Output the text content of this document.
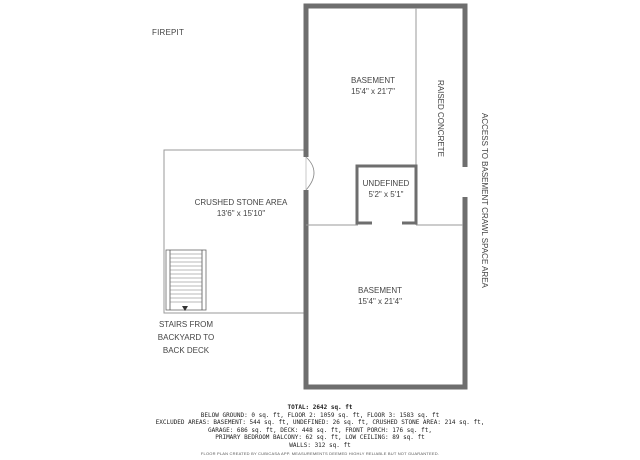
FIREPIT
BASEMENT
15'4" x 21'7"
CRUSHED STONE AREA
13'6" x 15'10"
UNDEFINED
5'2" x 5'1"
BASEMENT
15'4" x 21'4"
RAISED CONCRETE	ACCESS TO BASEMENT CRAWL SPACE AREA
STAIRS FROM
BACKYARD TO
BACK DECK
TOTAL: 2642 sq. ft
BELOW GROUND: 0 sq. ft, FLOOR 2: 1059 sq. ft, FLOOR 3: 1583 sq. ft
EXCLUDED AREAS: BASEMENT: 544 sq. ft, UNDEFINED: 26 sq. ft, CRUSHED STONE AREA: 214 sq. ft,
GARAGE: 686 sq. ft, DECK: 448 sq. ft, FRONT PORCH: 176 sq. ft,
PRIMARY BEDROOM BALCONY: 62 sq. ft, LOW CEILING: 89 sq. ft
WALLS: 312 sq. ft
FLOOR PLAN CREATED BY CUBICASA APP. MEASUREMENTS DEEMED HIGHLY RELIABLE BUT NOT GUARANTEED.
